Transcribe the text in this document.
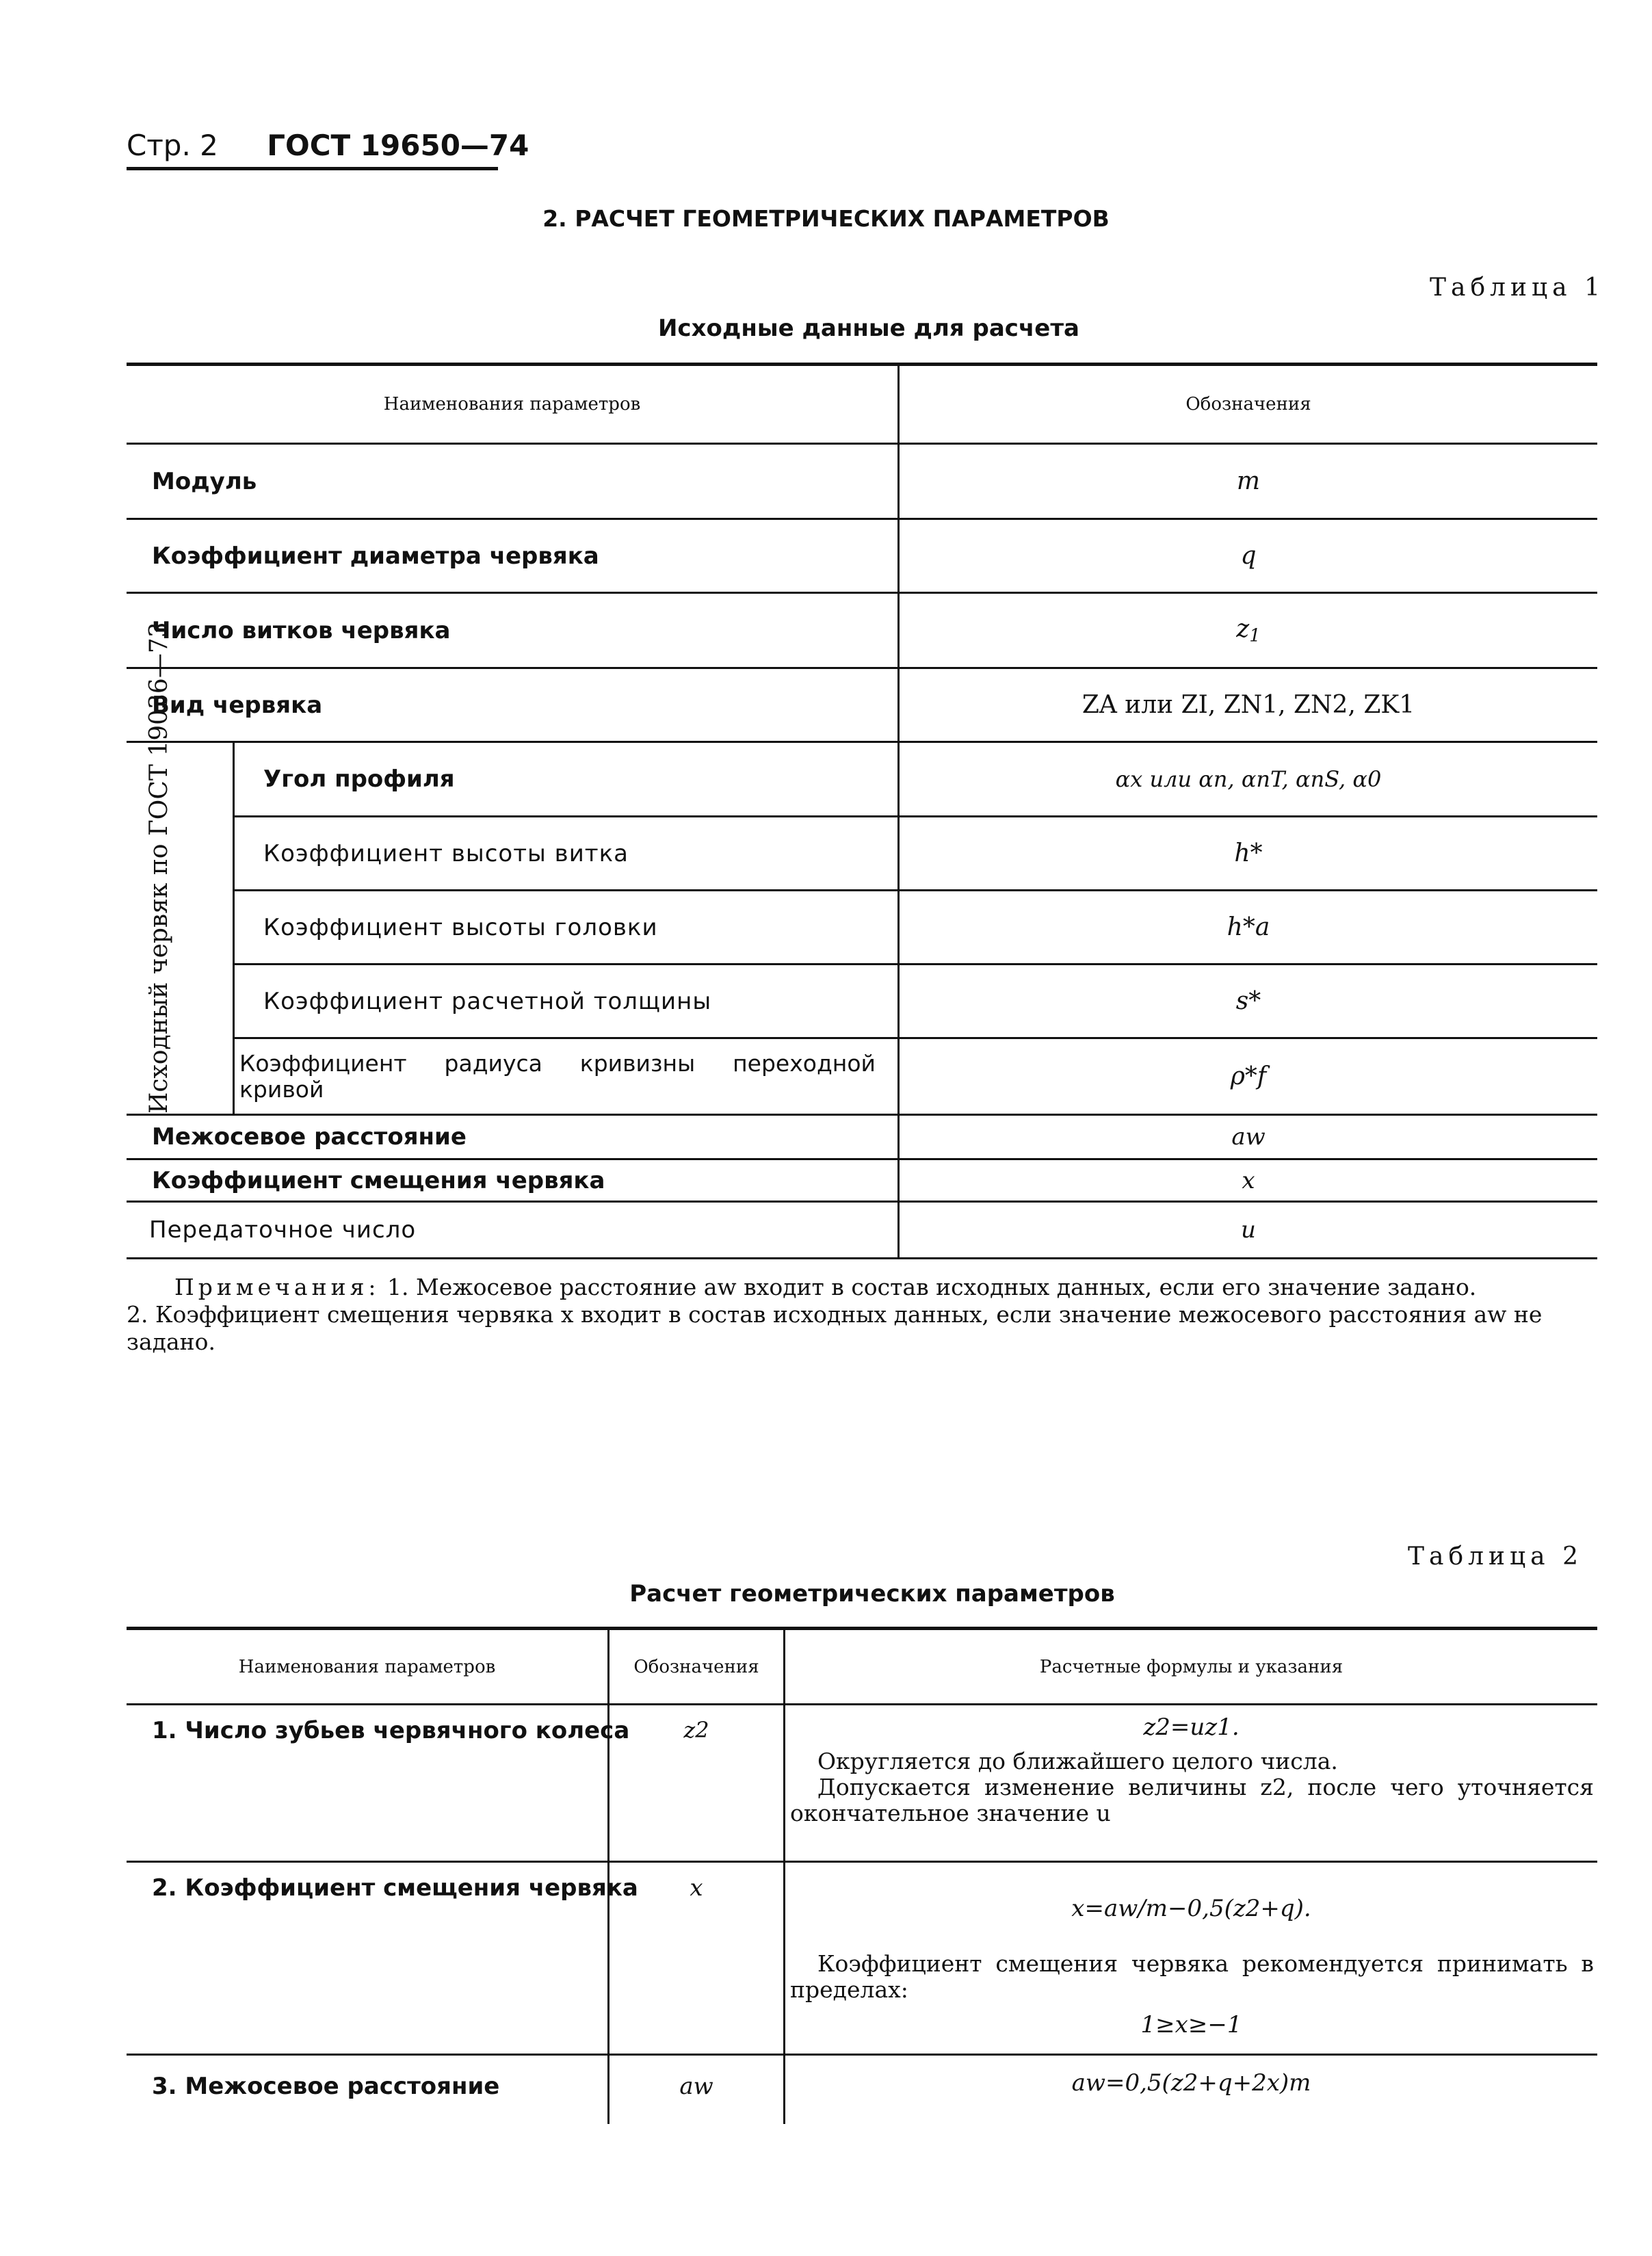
Стр. 2 ГОСТ 19650—74
2. РАСЧЕТ ГЕОМЕТРИЧЕСКИХ ПАРАМЕТРОВ
Таблица 1
Исходные данные для расчета
Наименования параметров	Обозначения
Модуль	m
Коэффициент диаметра червяка	q
Число витков червяка	$z_1$
Вид червяка	ZA или ZI, ZN1, ZN2, ZK1
Исходный червяк по ГОСТ 19036—73	Угол профиля	αx или αn, αnT, αnS, α0
Коэффициент высоты витка	h*
Коэффициент высоты головки	h*a
Коэффициент расчетной толщины	s*
Коэффициент радиуса кривизны переходной кривой	ρ*f
Межосевое расстояние	aw
Коэффициент смещения червяка	x
Передаточное число	u
Примечания: 1. Межосевое расстояние aw входит в состав исходных данных, если его значение задано.
2. Коэффициент смещения червяка x входит в состав исходных данных, если значение межосевого расстояния aw не задано.
Таблица 2
Расчет геометрических параметров
Наименования параметров	Обозначения	Расчетные формулы и указания
1. Число зубьев червячного колеса	z2	z2=uz1.
Округляется до ближайшего целого числа.
Допускается изменение величины z2, после чего уточняется окончательное значение u
2. Коэффициент смещения червяка	x
x=aw/m−0,5(z2+q).
Коэффициент смещения червяка рекомендуется принимать в пределах:
1≥x≥−1
3. Межосевое расстояние	aw	aw=0,5(z2+q+2x)m
